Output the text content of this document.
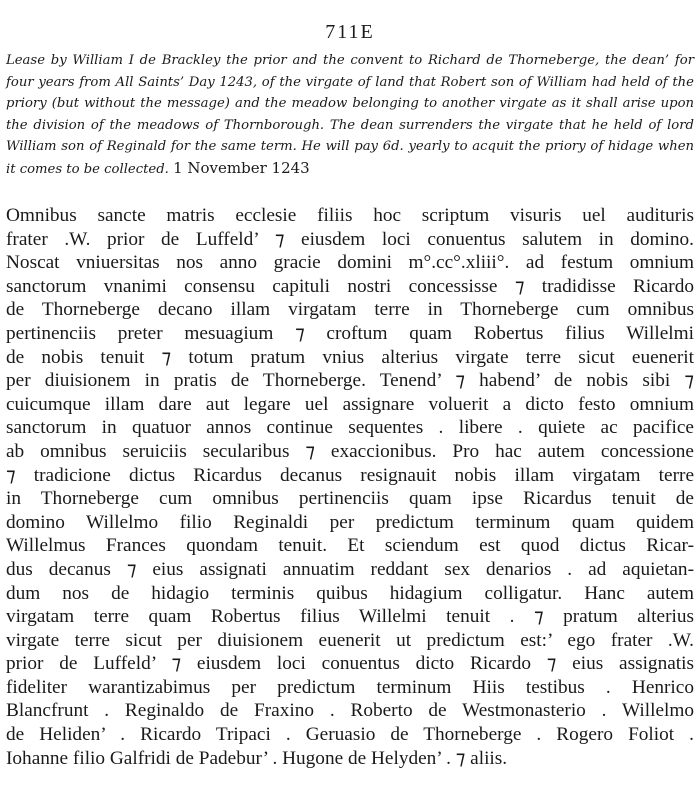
711E
Lease by William I de Brackley the prior and the convent to Richard de Thorneberge, the dean’ for four years from All Saints’ Day 1243, of the virgate of land that Robert son of William had held of the priory (but without the message) and the meadow belonging to another virgate as it shall arise upon the division of the meadows of Thornborough. The dean surrenders the virgate that he held of lord William son of Reginald for the same term. He will pay 6d. yearly to acquit the priory of hidage when it comes to be collected. 1 November 1243
Omnibus sancte matris ecclesie filiis hoc scriptum visuris uel audituris
frater .W. prior de Luffeld’ ⁊ eiusdem loci conuentus salutem in domino.
Noscat vniuersitas nos anno gracie domini m°.cc°.xliii°. ad festum omnium
sanctorum vnanimi consensu capituli nostri concessisse ⁊ tradidisse Ricardo
de Thorneberge decano illam virgatam terre in Thorneberge cum omnibus
pertinenciis preter mesuagium ⁊ croftum quam Robertus filius Willelmi
de nobis tenuit ⁊ totum pratum vnius alterius virgate terre sicut euenerit
per diuisionem in pratis de Thorneberge. Tenend’ ⁊ habend’ de nobis sibi ⁊
cuicumque illam dare aut legare uel assignare voluerit a dicto festo omnium
sanctorum in quatuor annos continue sequentes . libere . quiete ac pacifice
ab omnibus seruiciis secularibus ⁊ exaccionibus. Pro hac autem concessione
⁊ tradicione dictus Ricardus decanus resignauit nobis illam virgatam terre
in Thorneberge cum omnibus pertinenciis quam ipse Ricardus tenuit de
domino Willelmo filio Reginaldi per predictum terminum quam quidem
Willelmus Frances quondam tenuit. Et sciendum est quod dictus Ricar-
dus decanus ⁊ eius assignati annuatim reddant sex denarios . ad aquietan-
dum nos de hidagio terminis quibus hidagium colligatur. Hanc autem
virgatam terre quam Robertus filius Willelmi tenuit . ⁊ pratum alterius
virgate terre sicut per diuisionem euenerit ut predictum est:’ ego frater .W.
prior de Luffeld’ ⁊ eiusdem loci conuentus dicto Ricardo ⁊ eius assignatis
fideliter warantizabimus per predictum terminum Hiis testibus . Henrico
Blancfrunt . Reginaldo de Fraxino . Roberto de Westmonasterio . Willelmo
de Heliden’ . Ricardo Tripaci . Geruasio de Thorneberge . Rogero Foliot .
Iohanne filio Galfridi de Padebur’ . Hugone de Helyden’ . ⁊ aliis.
